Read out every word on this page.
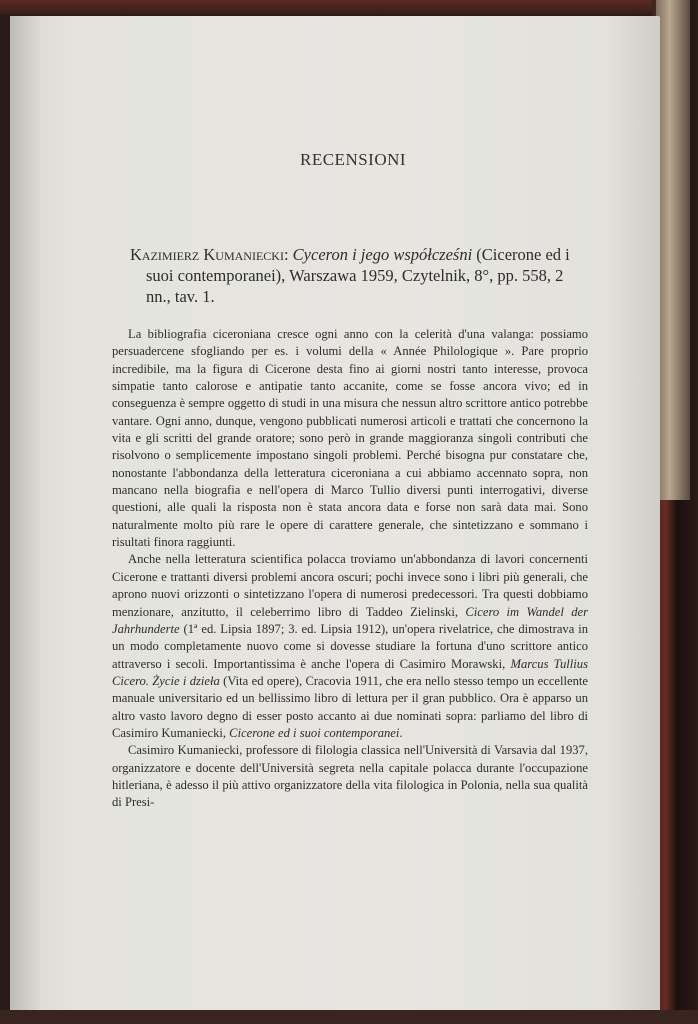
RECENSIONI
Kazimierz Kumaniecki: Cyceron i jego współcześni (Cicerone ed i suoi contemporanei), Warszawa 1959, Czytelnik, 8°, pp. 558, 2 nn., tav. 1.

La bibliografia ciceroniana cresce ogni anno con la celerità d'una valanga: possiamo persuadercene sfogliando per es. i volumi della « Année Philologique ». Pare proprio incredibile, ma la figura di Cicerone desta fino ai giorni nostri tanto interesse, provoca simpatie tanto calorose e antipatie tanto accanite, come se fosse ancora vivo; ed in conseguenza è sempre oggetto di studi in una misura che nessun altro scrittore antico potrebbe vantare. Ogni anno, dunque, vengono pubblicati numerosi articoli e trattati che concernono la vita e gli scritti del grande oratore; sono però in grande maggioranza singoli contributi che risolvono o semplicemente impostano singoli problemi. Perché bisogna pur constatare che, nonostante l'abbondanza della letteratura ciceroniana a cui abbiamo accennato sopra, non mancano nella biografia e nell'opera di Marco Tullio diversi punti interrogativi, diverse questioni, alle quali la risposta non è stata ancora data e forse non sarà data mai. Sono naturalmente molto più rare le opere di carattere generale, che sintetizzano e sommano i risultati finora raggiunti.

Anche nella letteratura scientifica polacca troviamo un'abbondanza di lavori concernenti Cicerone e trattanti diversi problemi ancora oscuri; pochi invece sono i libri più generali, che aprono nuovi orizzonti o sintetizzano l'opera di numerosi predecessori. Tra questi dobbiamo menzionare, anzitutto, il celeberrimo libro di Taddeo Zielinski, Cicero im Wandel der Jahrhunderte (1ª ed. Lipsia 1897; 3. ed. Lipsia 1912), un'opera rivelatrice, che dimostrava in un modo completamente nuovo come si dovesse studiare la fortuna d'uno scrittore antico attraverso i secoli. Importantissima è anche l'opera di Casimiro Morawski, Marcus Tullius Cicero. Życie i dzieła (Vita ed opere), Cracovia 1911, che era nello stesso tempo un eccellente manuale universitario ed un bellissimo libro di lettura per il gran pubblico. Ora è apparso un altro vasto lavoro degno di esser posto accanto ai due nominati sopra: parliamo del libro di Casimiro Kumaniecki, Cicerone ed i suoi contemporanei.

Casimiro Kumaniecki, professore di filologia classica nell'Università di Varsavia dal 1937, organizzatore e docente dell'Università segreta nella capitale polacca durante l'occupazione hitleriana, è adesso il più attivo organizzatore della vita filologica in Polonia, nella sua qualità di Presi-
